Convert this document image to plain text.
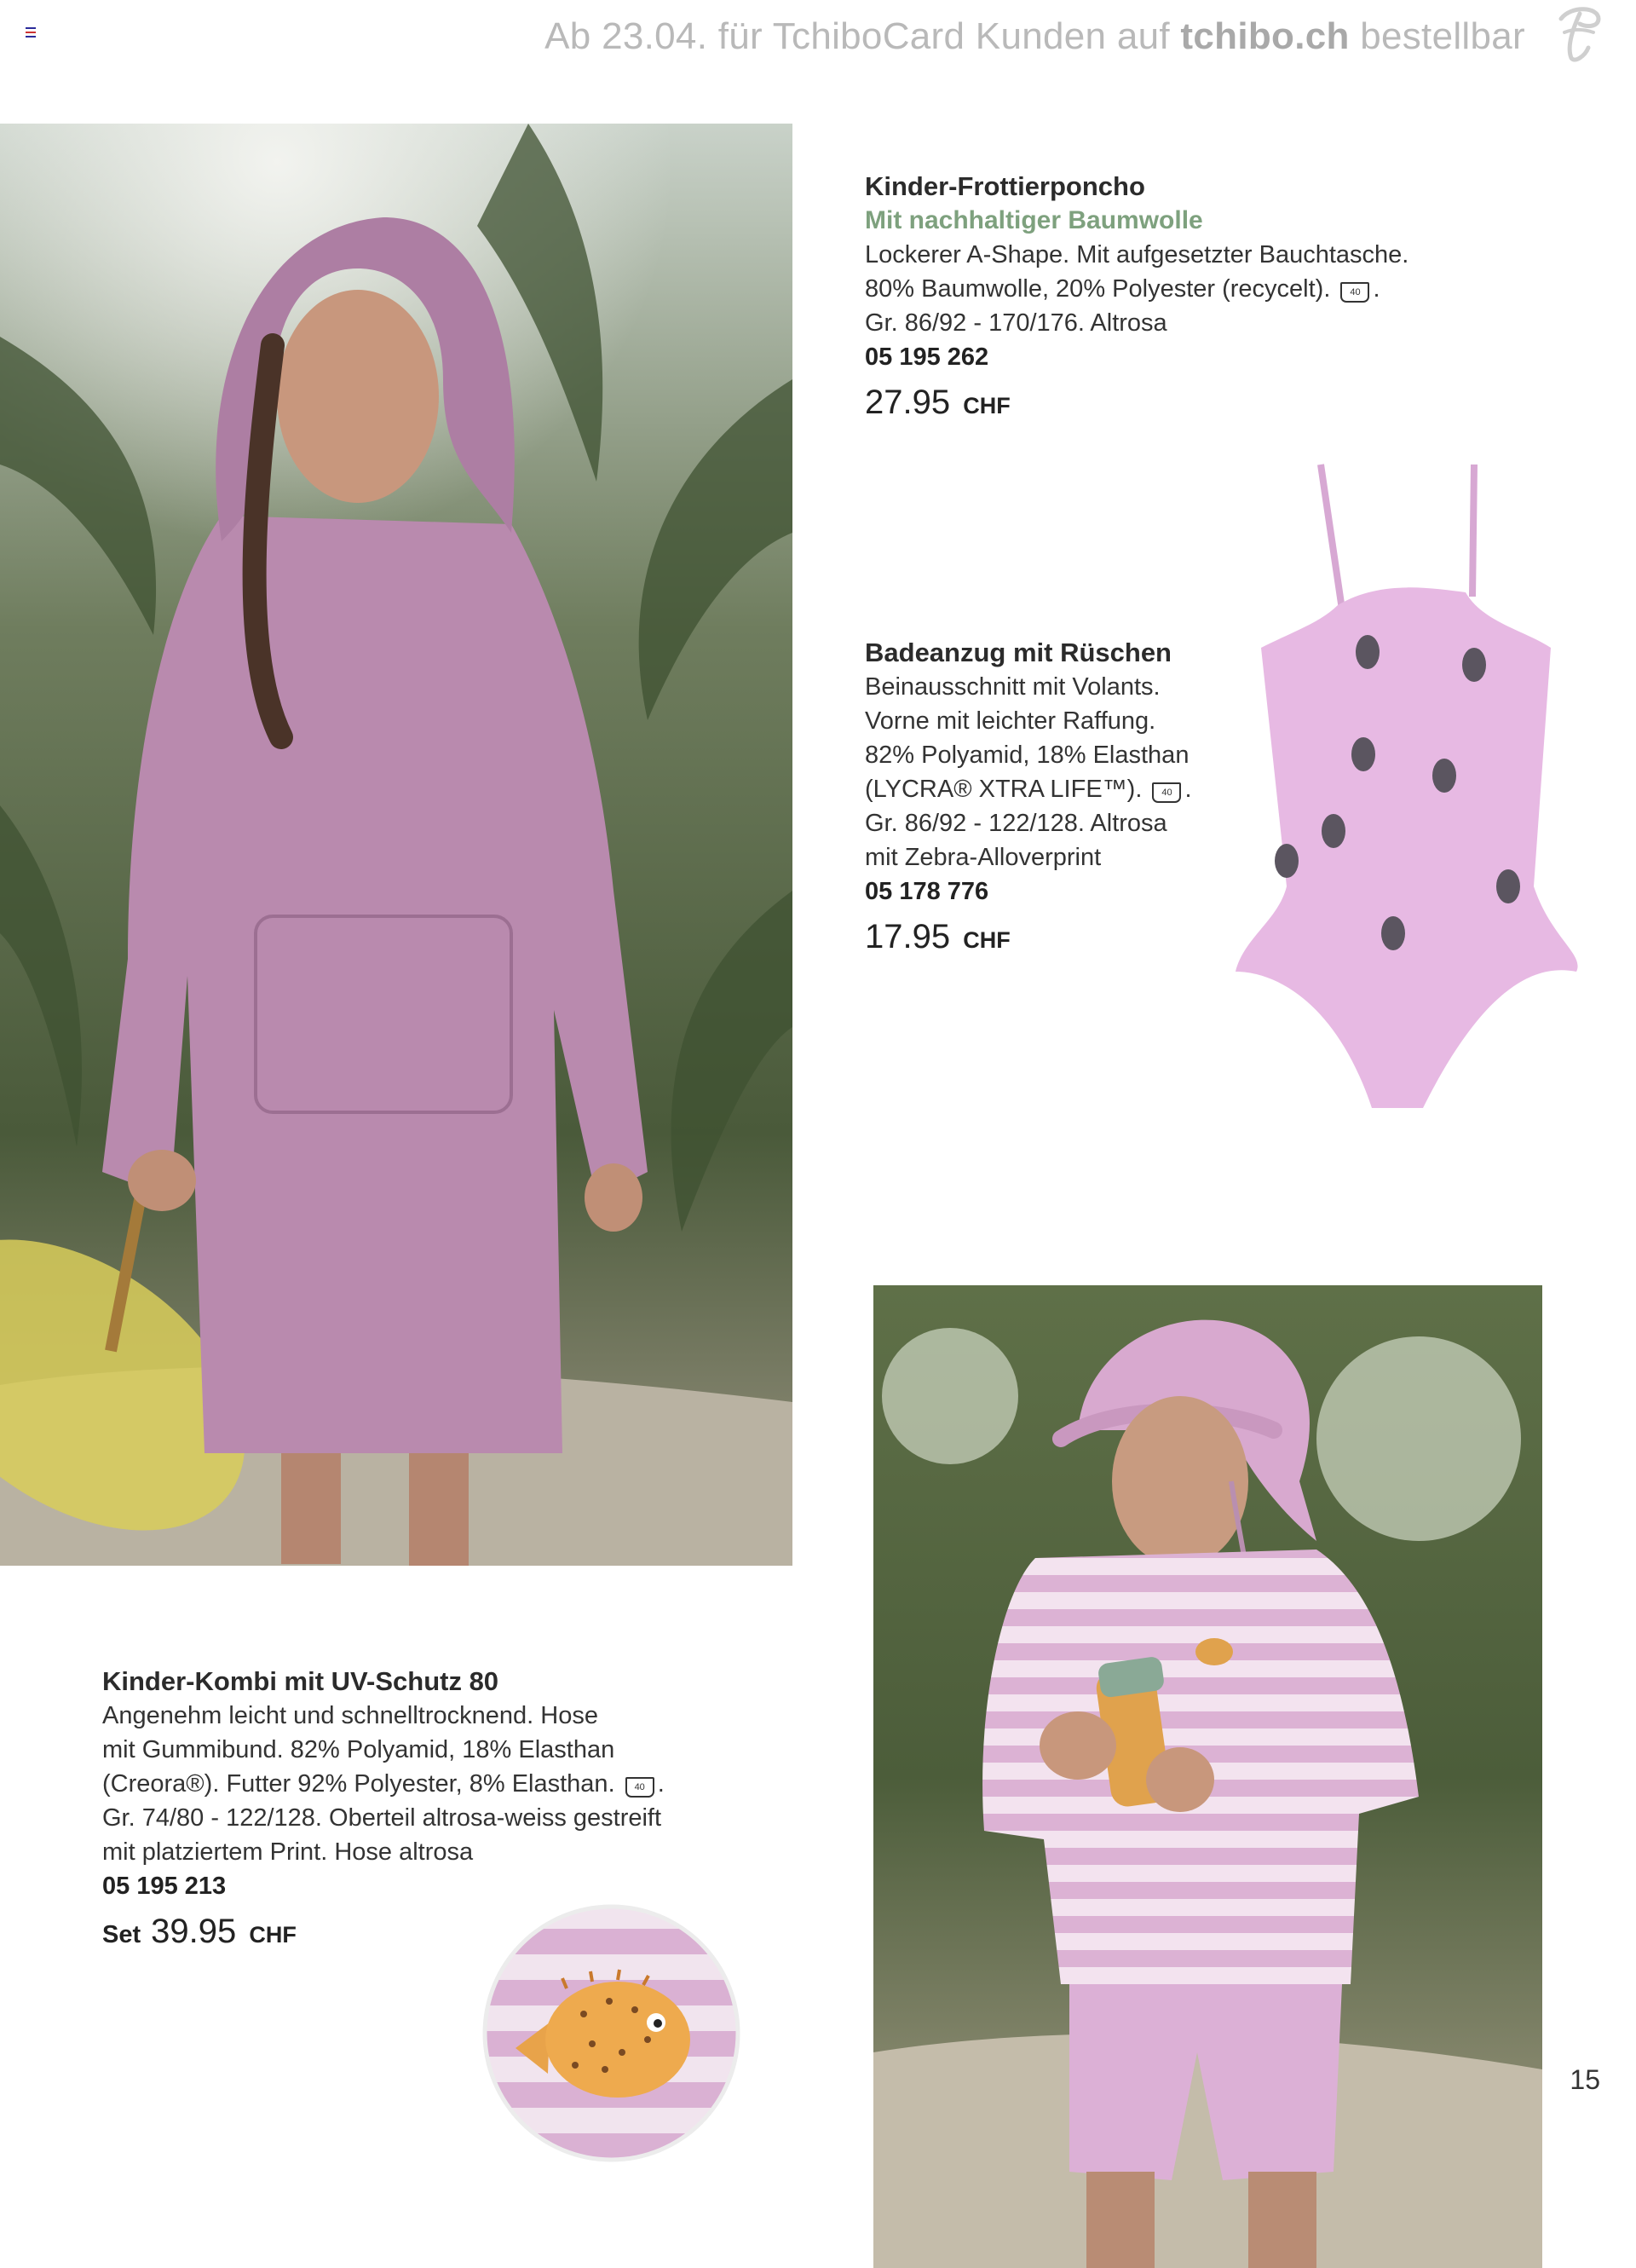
Ab 23.04. für TchiboCard Kunden auf tchibo.ch bestellbar
Kinder-Frottierponcho
Mit nachhaltiger Baumwolle
Lockerer A-Shape. Mit aufgesetzter Bauchtasche.
80% Baumwolle, 20% Polyester (recycelt). 40 .
Gr. 86/92 - 170/176. Altrosa
05 195 262
27.95 CHF
Badeanzug mit Rüschen
Beinausschnitt mit Volants.
Vorne mit leichter Raffung.
82% Polyamid, 18% Elasthan
(LYCRA® XTRA LIFE™). 40 .
Gr. 86/92 - 122/128. Altrosa
mit Zebra-Alloverprint
05 178 776
17.95 CHF
Kinder-Kombi mit UV-Schutz 80
Angenehm leicht und schnelltrocknend. Hose
mit Gummibund. 82% Polyamid, 18% Elasthan
(Creora®). Futter 92% Polyester, 8% Elasthan. 40 .
Gr. 74/80 - 122/128. Oberteil altrosa-weiss gestreift
mit platziertem Print. Hose altrosa
05 195 213
Set 39.95 CHF
15
